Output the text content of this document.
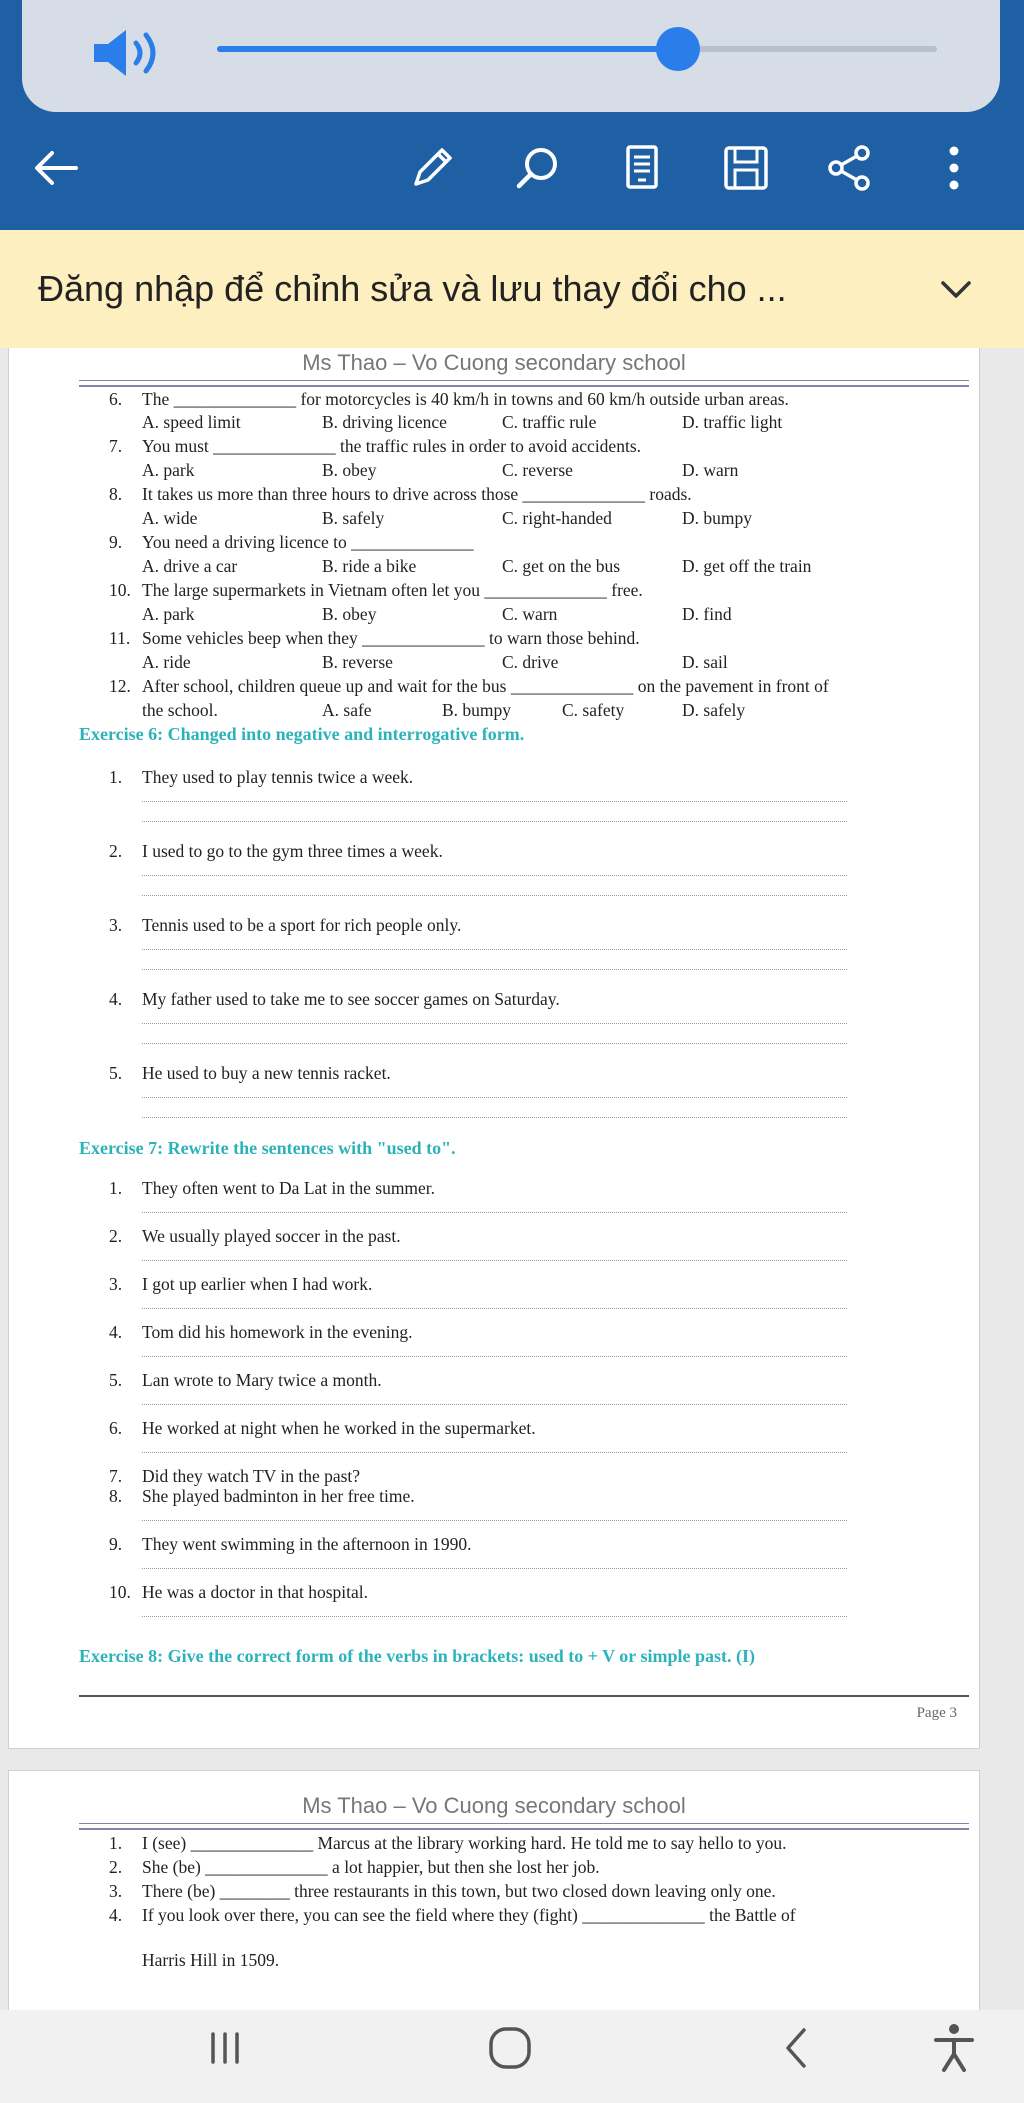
Đăng nhập để chỉnh sửa và lưu thay đổi cho ...
Ms Thao – Vo Cuong secondary school
6. The ______________ for motorcycles is 40 km/h in towns and 60 km/h outside urban areas.
A. speed limit	B. driving licence	C. traffic rule	D. traffic light
7. You must ______________ the traffic rules in order to avoid accidents.
A. park	B. obey	C. reverse	D. warn
8. It takes us more than three hours to drive across those ______________ roads.
A. wide	B. safely	C. right-handed	D. bumpy
9. You need a driving licence to ______________
A. drive a car	B. ride a bike	C. get on the bus	D. get off the train
10. The large supermarkets in Vietnam often let you ______________ free.
A. park	B. obey	C. warn	D. find
11. Some vehicles beep when they ______________ to warn those behind.
A. ride	B. reverse	C. drive	D. sail
12. After school, children queue up and wait for the bus ______________ on the pavement in front of
the school.	A. safe	B. bumpy	C. safety	D. safely
Exercise 6: Changed into negative and interrogative form.
1. They used to play tennis twice a week.
2. I used to go to the gym three times a week.
3. Tennis used to be a sport for rich people only.
4. My father used to take me to see soccer games on Saturday.
5. He used to buy a new tennis racket.
Exercise 7: Rewrite the sentences with "used to".
1. They often went to Da Lat in the summer.
2. We usually played soccer in the past.
3. I got up earlier when I had work.
4. Tom did his homework in the evening.
5. Lan wrote to Mary twice a month.
6. He worked at night when he worked in the supermarket.
7. Did they watch TV in the past?
8. She played badminton in her free time.
9. They went swimming in the afternoon in 1990.
10. He was a doctor in that hospital.
Exercise 8: Give the correct form of the verbs in brackets: used to + V or simple past. (I)
Page 3
Ms Thao – Vo Cuong secondary school
1. I (see) ______________ Marcus at the library working hard. He told me to say hello to you.
2. She (be) ______________ a lot happier, but then she lost her job.
3. There (be) ________ three restaurants in this town, but two closed down leaving only one.
4. If you look over there, you can see the field where they (fight) ______________ the Battle of
Harris Hill in 1509.
